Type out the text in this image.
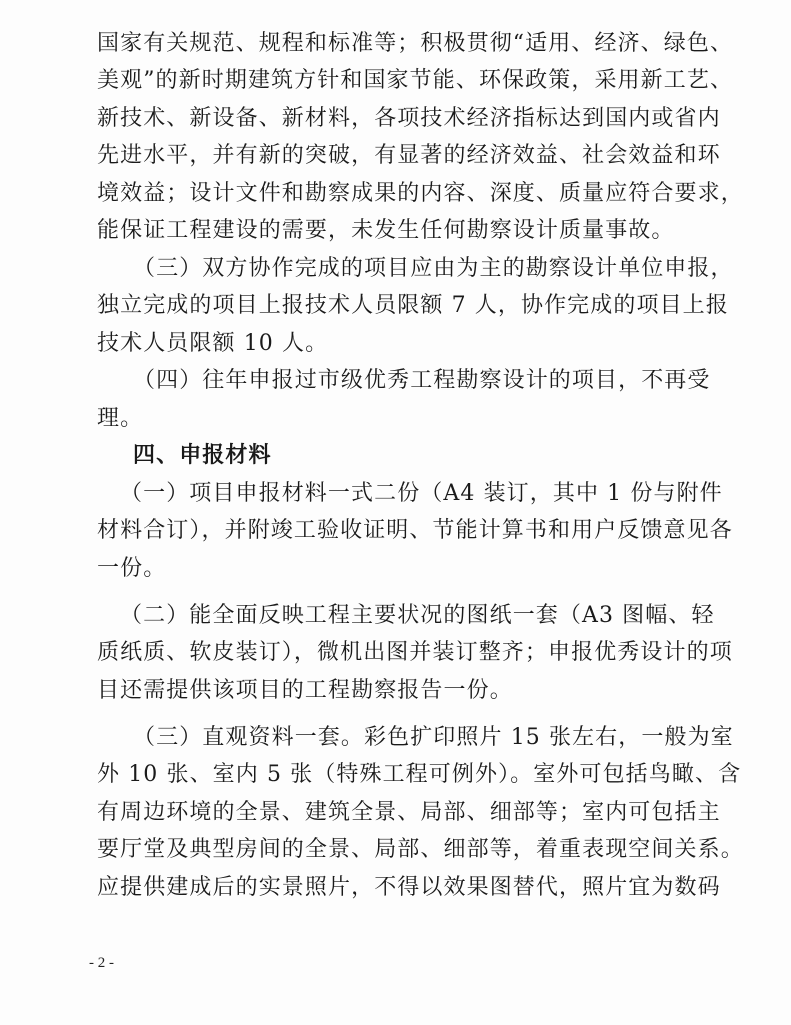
- 2 -
国家有关规范、规程和标准等；积极贯彻“适用、经济、绿色、
美观”的新时期建筑方针和国家节能、环保政策，采用新工艺、
新技术、新设备、新材料，各项技术经济指标达到国内或省内
先进水平，并有新的突破，有显著的经济效益、社会效益和环
境效益；设计文件和勘察成果的内容、深度、质量应符合要求，
能保证工程建设的需要，未发生任何勘察设计质量事故。
（三）双方协作完成的项目应由为主的勘察设计单位申报，
独立完成的项目上报技术人员限额 7 人，协作完成的项目上报
技术人员限额 10 人。
（四）往年申报过市级优秀工程勘察设计的项目，不再受
理。
四、申报材料
（一）项目申报材料一式二份（A4 装订，其中 1 份与附件
材料合订），并附竣工验收证明、节能计算书和用户反馈意见各
一份。
（二）能全面反映工程主要状况的图纸一套（A3 图幅、轻
质纸质、软皮装订），微机出图并装订整齐；申报优秀设计的项
目还需提供该项目的工程勘察报告一份。
（三）直观资料一套。彩色扩印照片 15 张左右，一般为室
外 10 张、室内 5 张（特殊工程可例外）。室外可包括鸟瞰、含
有周边环境的全景、建筑全景、局部、细部等；室内可包括主
要厅堂及典型房间的全景、局部、细部等，着重表现空间关系。
应提供建成后的实景照片，不得以效果图替代，照片宜为数码
